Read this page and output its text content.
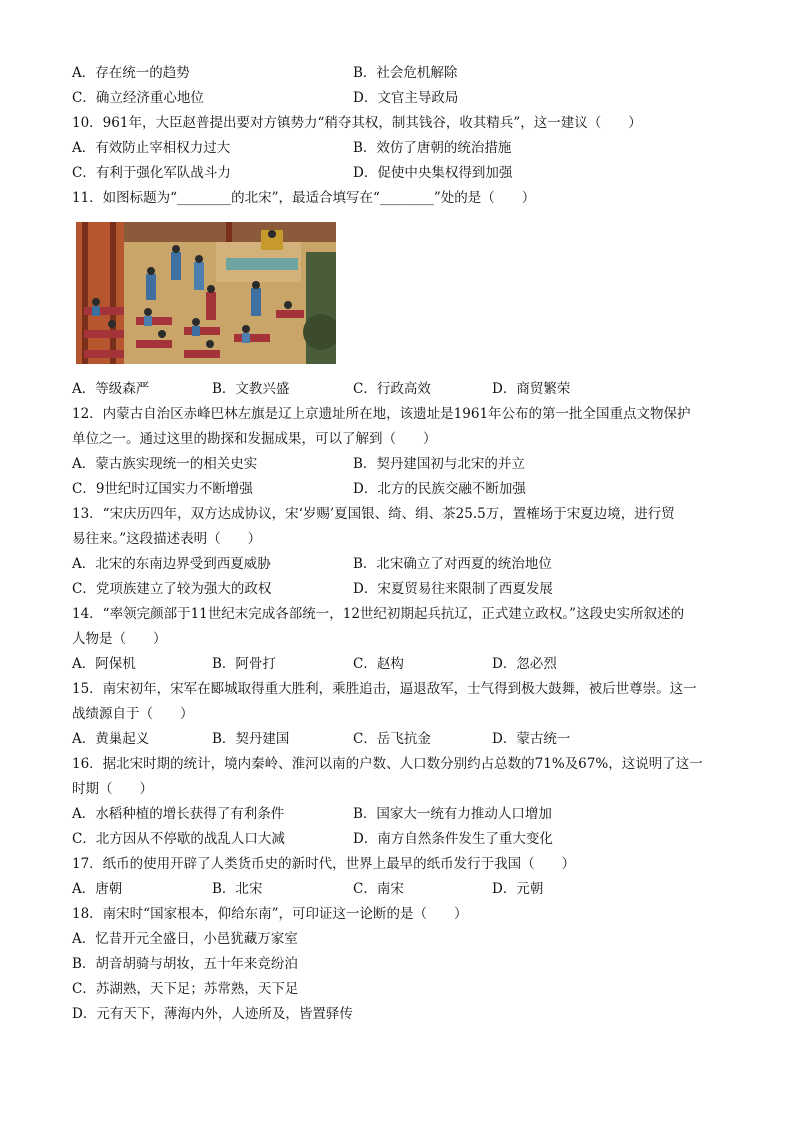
A．存在统一的趋势	B．社会危机解除
C．确立经济重心地位	D．文官主导政局
10．961年，大臣赵普提出要对方镇势力“稍夺其权，制其钱谷，收其精兵”，这一建议（　　）
A．有效防止宰相权力过大	B．效仿了唐朝的统治措施
C．有利于强化军队战斗力	D．促使中央集权得到加强
11．如图标题为“________的北宋”，最适合填写在“________”处的是（　　）
A．等级森严	B．文教兴盛	C．行政高效	D．商贸繁荣
12．内蒙古自治区赤峰巴林左旗是辽上京遗址所在地，该遗址是1961年公布的第一批全国重点文物保护
单位之一。通过这里的勘探和发掘成果，可以了解到（　　）
A．蒙古族实现统一的相关史实	B．契丹建国初与北宋的并立
C．9世纪时辽国实力不断增强	D．北方的民族交融不断加强
13．“宋庆历四年，双方达成协议，宋‘岁赐’夏国银、绮、绢、茶25.5万，置榷场于宋夏边境，进行贸
易往来。”这段描述表明（　　）
A．北宋的东南边界受到西夏威胁	B．北宋确立了对西夏的统治地位
C．党项族建立了较为强大的政权	D．宋夏贸易往来限制了西夏发展
14．“率领完颜部于11世纪末完成各部统一，12世纪初期起兵抗辽，正式建立政权。”这段史实所叙述的
人物是（　　）
A．阿保机	B．阿骨打	C．赵构	D．忽必烈
15．南宋初年，宋军在郾城取得重大胜利，乘胜追击，逼退敌军，士气得到极大鼓舞，被后世尊崇。这一
战绩源自于（　　）
A．黄巢起义	B．契丹建国	C．岳飞抗金	D．蒙古统一
16．据北宋时期的统计，境内秦岭、淮河以南的户数、人口数分别约占总数的71%及67%，这说明了这一
时期（　　）
A．水稻种植的增长获得了有利条件	B．国家大一统有力推动人口增加
C．北方因从不停歇的战乱人口大减	D．南方自然条件发生了重大变化
17．纸币的使用开辟了人类货币史的新时代，世界上最早的纸币发行于我国（　　）
A．唐朝	B．北宋	C．南宋	D．元朝
18．南宋时“国家根本，仰给东南”，可印证这一论断的是（　　）
A．忆昔开元全盛日，小邑犹藏万家室
B．胡音胡骑与胡妆，五十年来竞纷泊
C．苏湖熟，天下足；苏常熟，天下足
D．元有天下，薄海内外，人迹所及，皆置驿传
